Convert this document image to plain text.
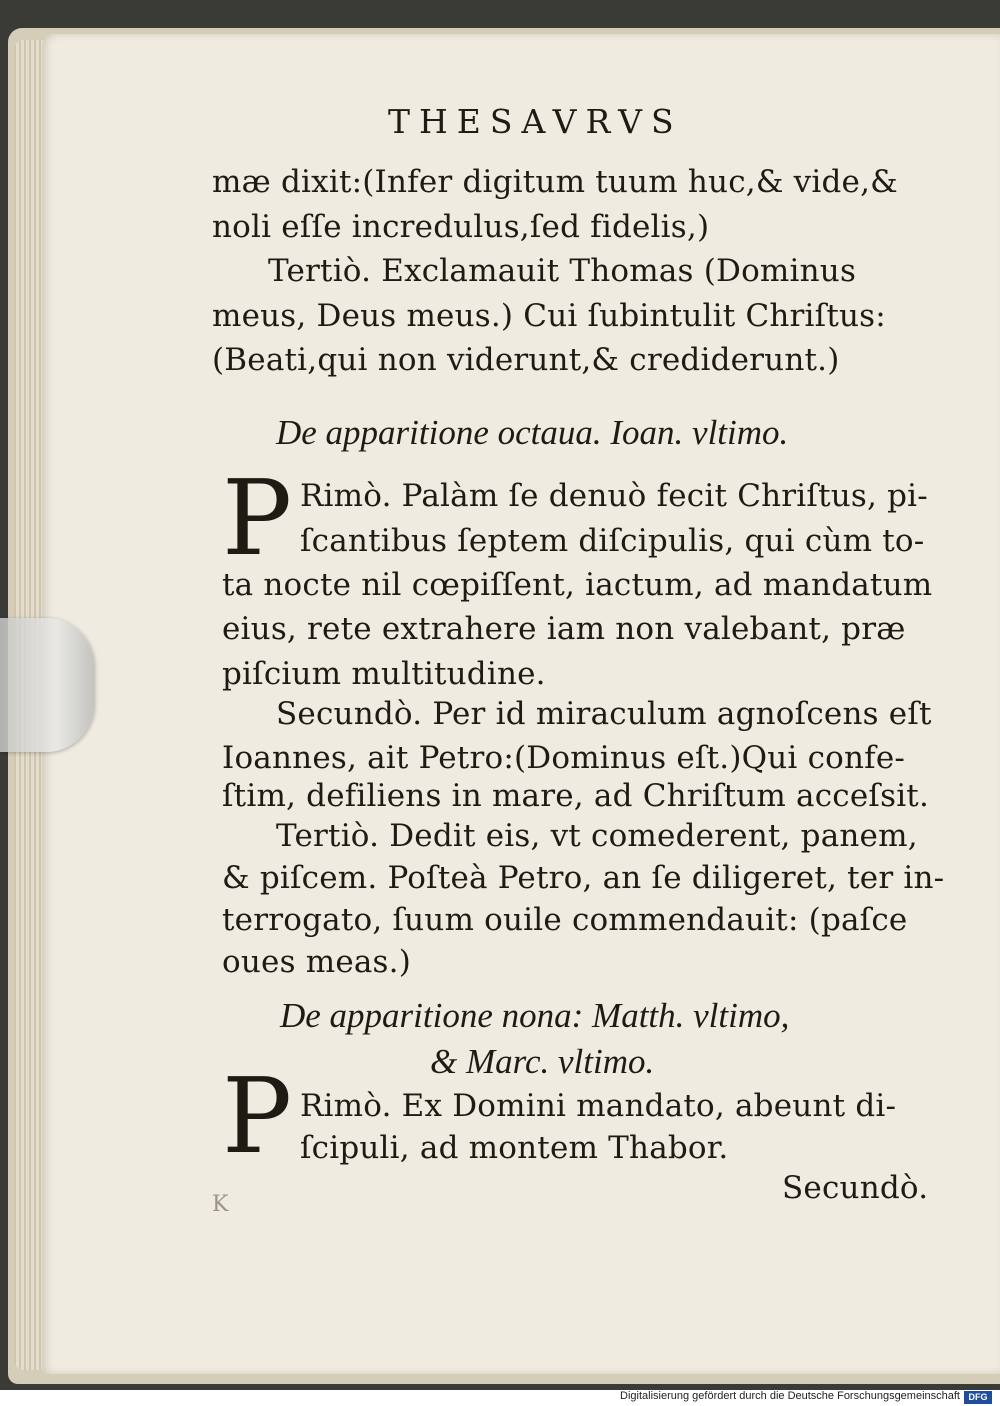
THESAVRVS
mæ dixit:(Infer digitum tuum huc,& vide,&
noli eſſe incredulus,ſed fidelis,)
Tertiò. Exclamauit Thomas (Dominus
meus, Deus meus.) Cui ſubintulit Chriſtus:
(Beati,qui non viderunt,& crediderunt.)
De apparitione octaua. Ioan. vltimo.
P Rimò. Palàm ſe denuò fecit Chriſtus, pi-
ſcantibus ſeptem diſcipulis, qui cùm to-
ta nocte nil cœpiſſent, iactum, ad mandatum
eius, rete extrahere iam non valebant, præ
piſcium multitudine.
Secundò. Per id miraculum agnoſcens eſt
Ioannes, ait Petro:(Dominus eſt.)Qui confe-
ſtim, defiliens in mare, ad Chriſtum acceſsit.
Tertiò. Dedit eis, vt comederent, panem,
& piſcem. Poſteà Petro, an ſe diligeret, ter in-
terrogato, ſuum ouile commendauit: (paſce
oues meas.)
De apparitione nona: Matth. vltimo,
& Marc. vltimo.
P Rimò. Ex Domini mandato, abeunt di-
ſcipuli, ad montem Thabor.
K	Secundò.
Digitalisierung gefördert durch die Deutsche Forschungsgemeinschaft DFG
